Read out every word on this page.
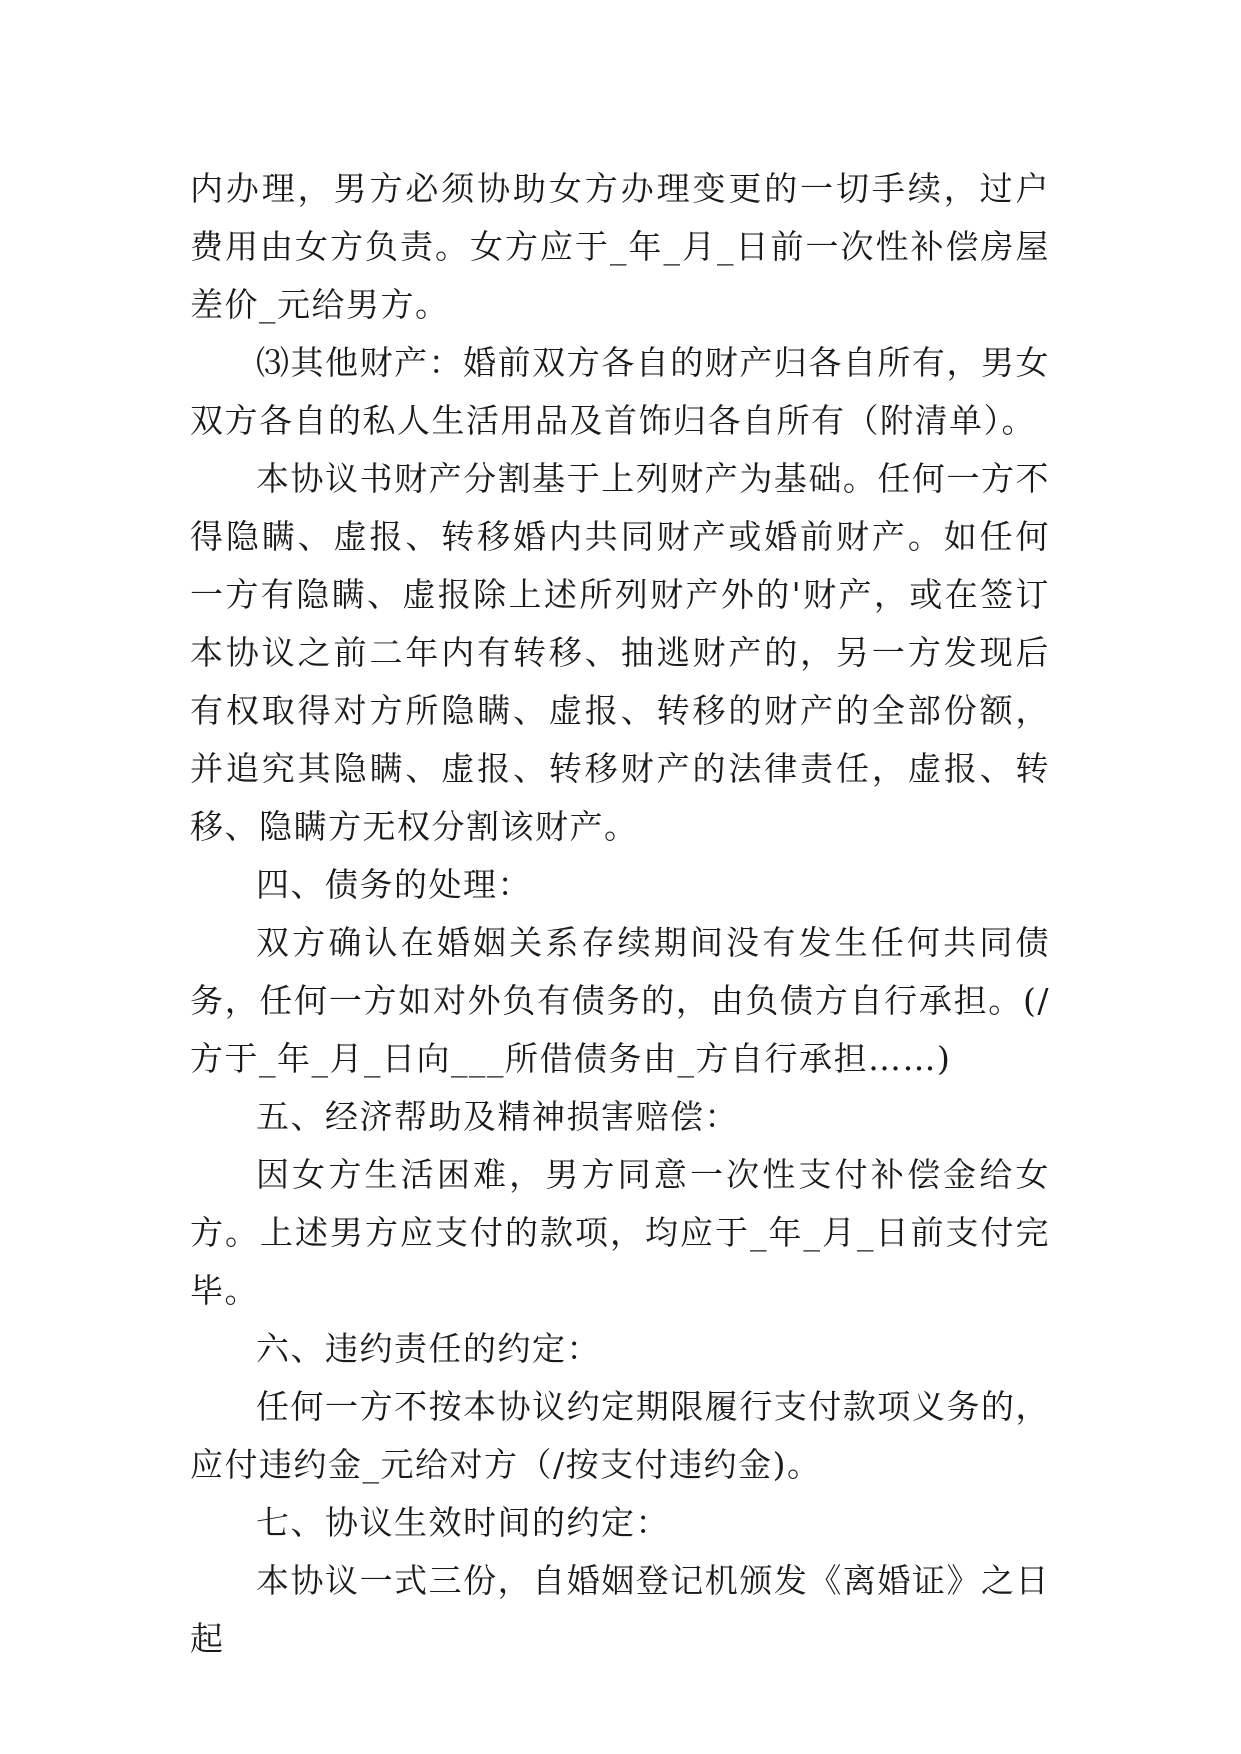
内办理，男方必须协助女方办理变更的一切手续，过户费用由女方负责。女方应于_年_月_日前一次性补偿房屋差价_元给男方。

⑶其他财产：婚前双方各自的财产归各自所有，男女双方各自的私人生活用品及首饰归各自所有（附清单）。

本协议书财产分割基于上列财产为基础。任何一方不得隐瞒、虚报、转移婚内共同财产或婚前财产。如任何一方有隐瞒、虚报除上述所列财产外的'财产，或在签订本协议之前二年内有转移、抽逃财产的，另一方发现后有权取得对方所隐瞒、虚报、转移的财产的全部份额，并追究其隐瞒、虚报、转移财产的法律责任，虚报、转移、隐瞒方无权分割该财产。

四、债务的处理：

双方确认在婚姻关系存续期间没有发生任何共同债务，任何一方如对外负有债务的，由负债方自行承担。(/方于_年_月_日向___所借债务由_方自行承担……)

五、经济帮助及精神损害赔偿：

因女方生活困难，男方同意一次性支付补偿金给女方。上述男方应支付的款项，均应于_年_月_日前支付完毕。

六、违约责任的约定：

任何一方不按本协议约定期限履行支付款项义务的，应付违约金_元给对方（/按支付违约金)。

七、协议生效时间的约定：

本协议一式三份，自婚姻登记机颁发《离婚证》之日起
